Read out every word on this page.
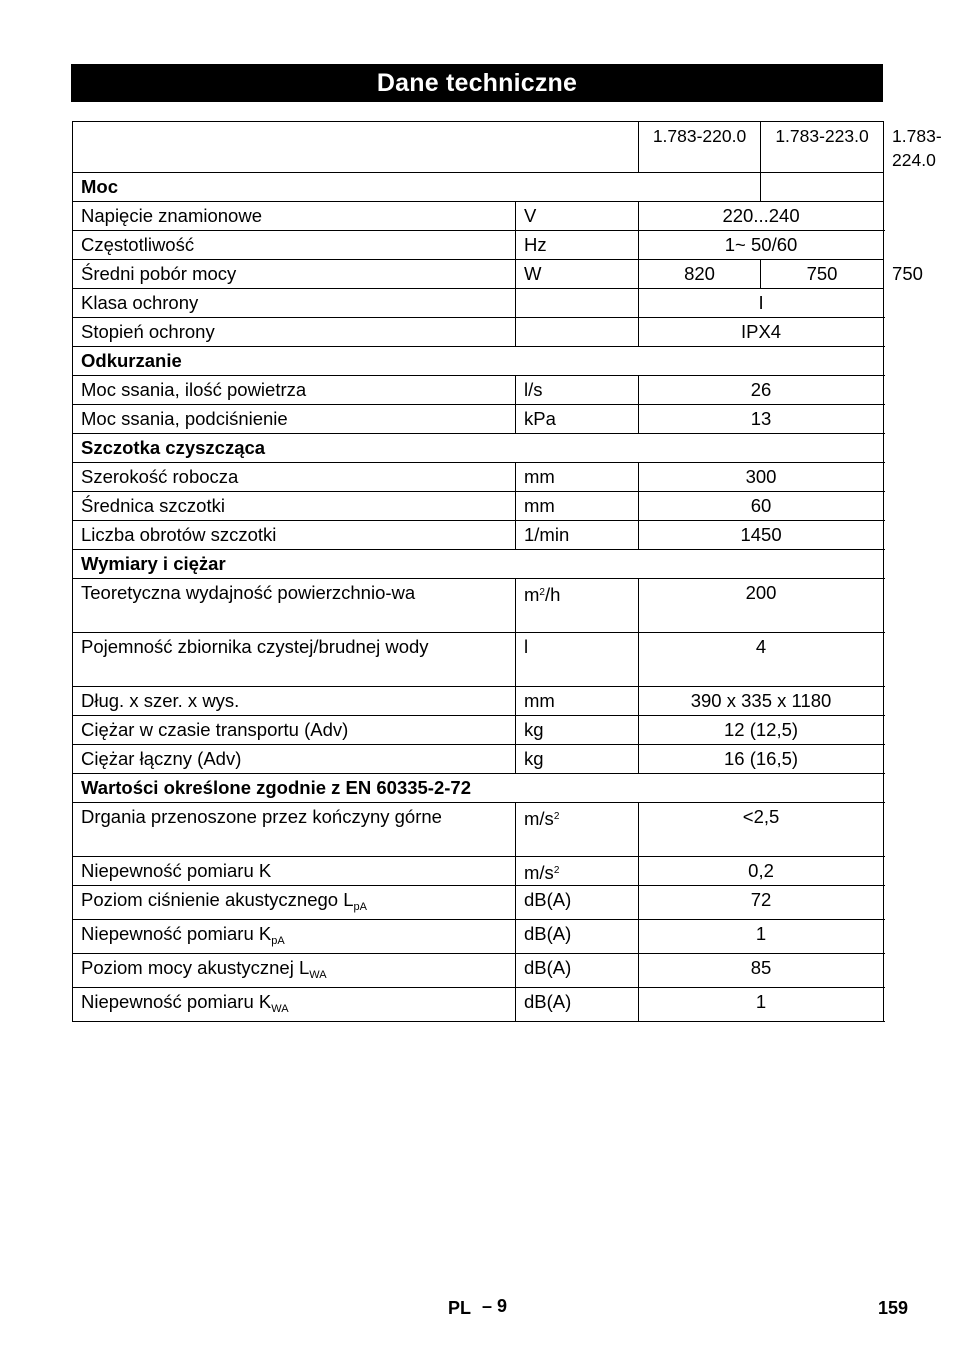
Dane techniczne
		1.783-220.0	1.783-223.0	1.783-224.0
Moc				
Napięcie znamionowe	V	220...240		
Częstotliwość	Hz	1~ 50/60		
Średni pobór mocy	W	820	750	750
Klasa ochrony		I		
Stopień ochrony		IPX4		
Odkurzanie				
Moc ssania, ilość powietrza	l/s	26		
Moc ssania, podciśnienie	kPa	13		
Szczotka czyszcząca				
Szerokość robocza	mm	300		
Średnica szczotki	mm	60		
Liczba obrotów szczotki	1/min	1450		
Wymiary i ciężar				
Teoretyczna wydajność powierzchnio-wa	$m^2/h$	200		
Pojemność zbiornika czystej/brudnej wody	l	4		
Dług. x szer. x wys.	mm	390 x 335 x 1180		
Ciężar w czasie transportu (Adv)	kg	12 (12,5)		
Ciężar łączny (Adv)	kg	16 (16,5)		
Wartości określone zgodnie z EN 60335-2-72				
Drgania przenoszone przez kończyny górne	$m/s^2$	<2,5		
Niepewność pomiaru K	$m/s^2$	0,2		
Poziom ciśnienie akustycznego $L_{pA}$	dB(A)	72		
Niepewność pomiaru $K_{pA}$	dB(A)	1		
Poziom mocy akustycznej $L_{WA}$	dB(A)	85		
Niepewność pomiaru $K_{WA}$	dB(A)	1		
PL – 9	159
